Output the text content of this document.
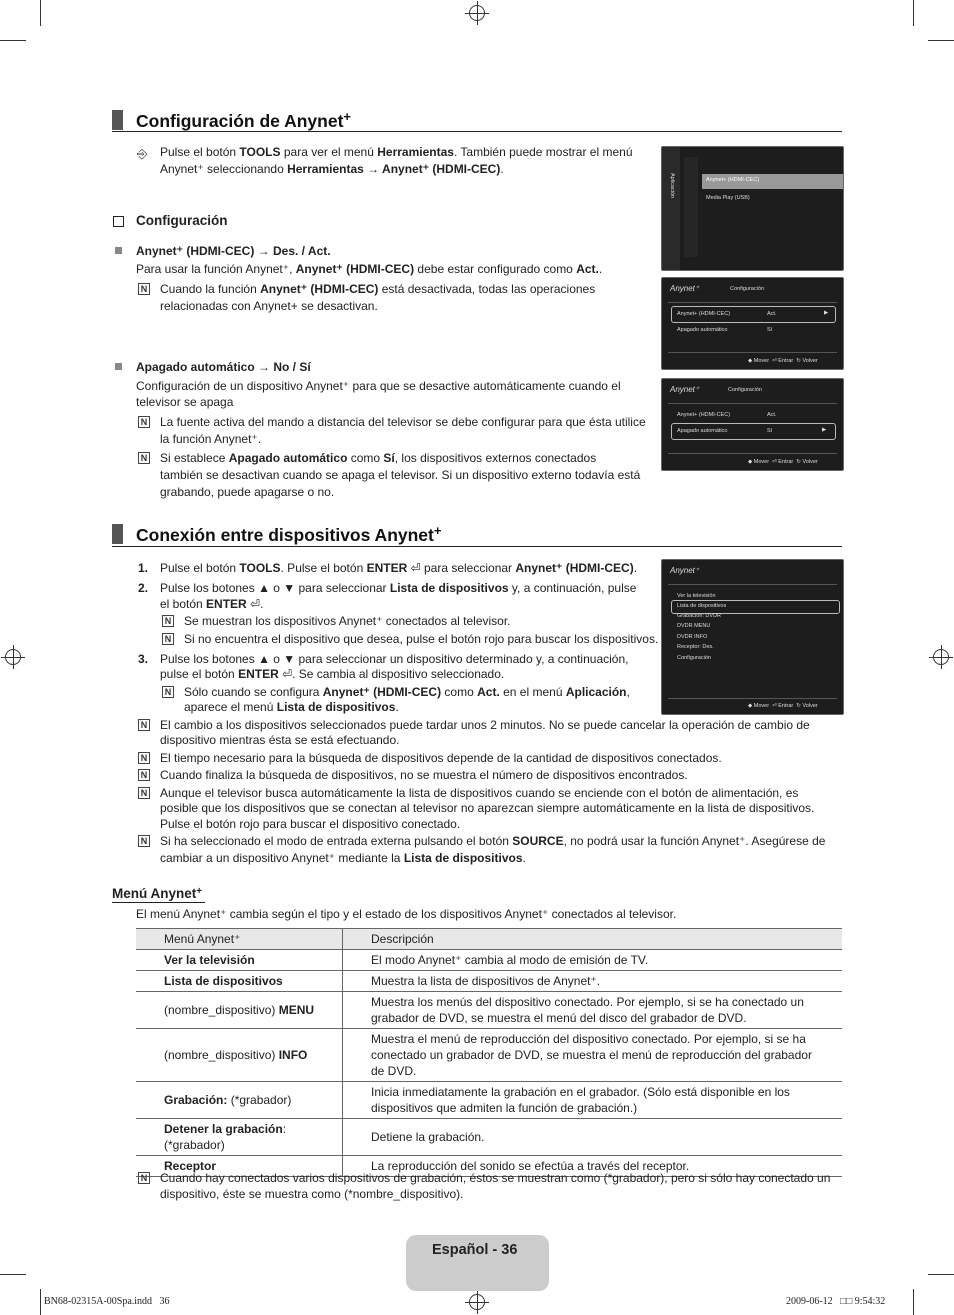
Configuración de Anynet+
⎆ Pulse el botón TOOLS para ver el menú Herramientas. También puede mostrar el menú
Anynet⁺ seleccionando Herramientas → Anynet⁺ (HDMI-CEC).
Configuración
Anynet⁺ (HDMI-CEC) → Des. / Act.
Para usar la función Anynet⁺, Anynet⁺ (HDMI-CEC) debe estar configurado como Act..
N Cuando la función Anynet⁺ (HDMI-CEC) está desactivada, todas las operaciones
relacionadas con Anynet+ se desactivan.
Apagado automático → No / Sí
Configuración de un dispositivo Anynet⁺ para que se desactive automáticamente cuando el
televisor se apaga
N La fuente activa del mando a distancia del televisor se debe configurar para que ésta utilice
la función Anynet⁺.
N Si establece Apagado automático como Sí, los dispositivos externos conectados
también se desactivan cuando se apaga el televisor. Si un dispositivo externo todavía está
grabando, puede apagarse o no.
Aplicación	Anynet+ (HDMI-CEC)
Media Play (USB)
Anynet⁺	Configuración
Anynet+ (HDMI-CEC)	Act.	▶
Apagado automático	Sí
◆ Mover  ⏎ Entrar  ↻ Volver
Anynet⁺	Configuración
Anynet+ (HDMI-CEC)	Act.
Apagado automático	Sí	▶
◆ Mover  ⏎ Entrar  ↻ Volver
Conexión entre dispositivos Anynet+
1. Pulse el botón TOOLS. Pulse el botón ENTER ⏎ para seleccionar Anynet⁺ (HDMI-CEC).
2. Pulse los botones ▲ o ▼ para seleccionar Lista de dispositivos y, a continuación, pulse
el botón ENTER ⏎.
N Se muestran los dispositivos Anynet⁺ conectados al televisor.
N Si no encuentra el dispositivo que desea, pulse el botón rojo para buscar los dispositivos.
3. Pulse los botones ▲ o ▼ para seleccionar un dispositivo determinado y, a continuación,
pulse el botón ENTER ⏎. Se cambia al dispositivo seleccionado.
N Sólo cuando se configura Anynet⁺ (HDMI-CEC) como Act. en el menú Aplicación,
aparece el menú Lista de dispositivos.
Anynet⁺
Ver la televisión
Lista de dispositivos
Grabación: DVDR
DVDR MENU
DVDR INFO
Receptor: Des.
Configuración
◆ Mover  ⏎ Entrar  ↻ Volver
N El cambio a los dispositivos seleccionados puede tardar unos 2 minutos. No se puede cancelar la operación de cambio de
dispositivo mientras ésta se está efectuando.
N El tiempo necesario para la búsqueda de dispositivos depende de la cantidad de dispositivos conectados.
N Cuando finaliza la búsqueda de dispositivos, no se muestra el número de dispositivos encontrados.
N Aunque el televisor busca automáticamente la lista de dispositivos cuando se enciende con el botón de alimentación, es
posible que los dispositivos que se conectan al televisor no aparezcan siempre automáticamente en la lista de dispositivos.
Pulse el botón rojo para buscar el dispositivo conectado.
N Si ha seleccionado el modo de entrada externa pulsando el botón SOURCE, no podrá usar la función Anynet⁺. Asegúrese de
cambiar a un dispositivo Anynet⁺ mediante la Lista de dispositivos.
Menú Anynet+
El menú Anynet⁺ cambia según el tipo y el estado de los dispositivos Anynet⁺ conectados al televisor.
Menú Anynet⁺	Descripción
Ver la televisión	El modo Anynet⁺ cambia al modo de emisión de TV.
Lista de dispositivos	Muestra la lista de dispositivos de Anynet⁺.
(nombre_dispositivo) MENU	Muestra los menús del dispositivo conectado. Por ejemplo, si se ha conectado un
grabador de DVD, se muestra el menú del disco del grabador de DVD.
(nombre_dispositivo) INFO	Muestra el menú de reproducción del dispositivo conectado. Por ejemplo, si se ha
conectado un grabador de DVD, se muestra el menú de reproducción del grabador
de DVD.
Grabación: (*grabador)	Inicia inmediatamente la grabación en el grabador. (Sólo está disponible en los
dispositivos que admiten la función de grabación.)
Detener la grabación:
(*grabador)	Detiene la grabación.
Receptor	La reproducción del sonido se efectúa a través del receptor.
N Cuando hay conectados varios dispositivos de grabación, éstos se muestran como (*grabador), pero si sólo hay conectado un
dispositivo, éste se muestra como (*nombre_dispositivo).
Español - 36
BN68-02315A-00Spa.indd   36	2009-06-12   □□ 9:54:32
